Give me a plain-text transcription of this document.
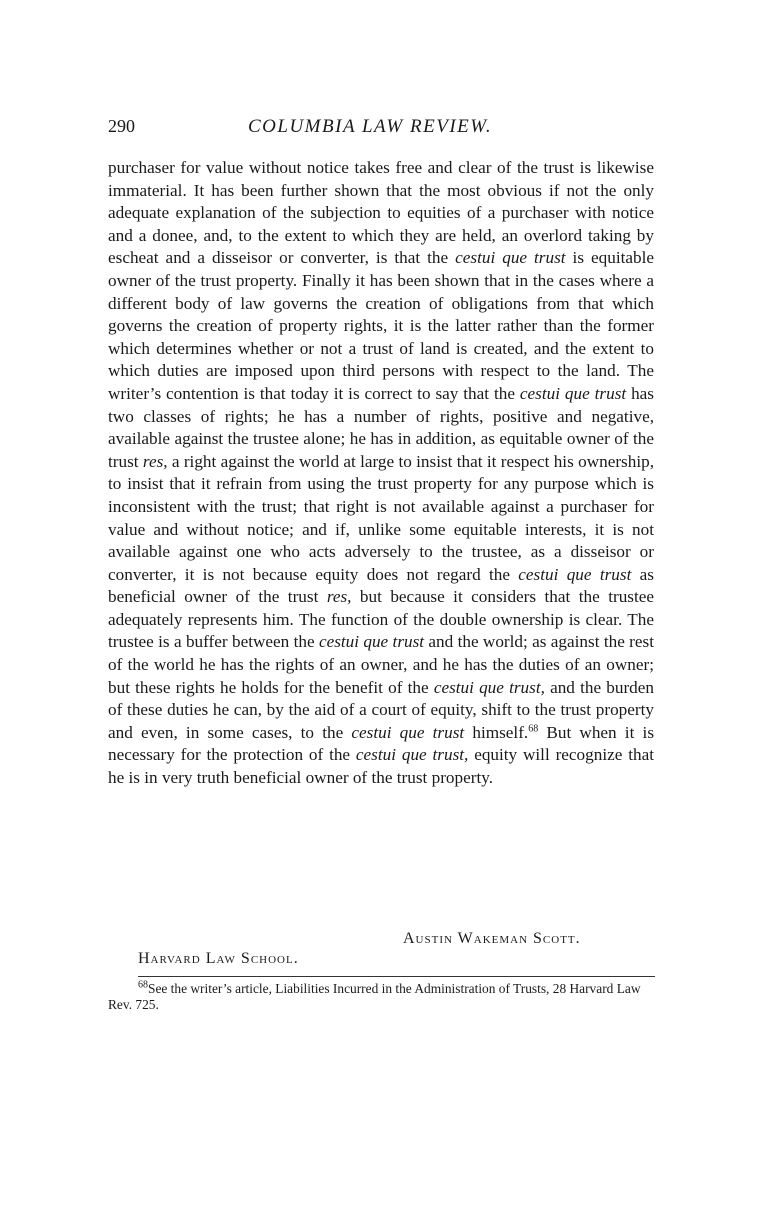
290	COLUMBIA LAW REVIEW.

purchaser for value without notice takes free and clear of the trust is likewise immaterial. It has been further shown that the most obvious if not the only adequate explanation of the subjection to equities of a purchaser with notice and a donee, and, to the extent to which they are held, an overlord taking by escheat and a disseisor or converter, is that the cestui que trust is equitable owner of the trust property. Finally it has been shown that in the cases where a different body of law governs the creation of obligations from that which governs the creation of property rights, it is the latter rather than the former which determines whether or not a trust of land is created, and the extent to which duties are imposed upon third persons with respect to the land. The writer’s contention is that today it is correct to say that the cestui que trust has two classes of rights; he has a number of rights, positive and negative, available against the trustee alone; he has in addition, as equitable owner of the trust res, a right against the world at large to insist that it respect his ownership, to insist that it refrain from using the trust property for any purpose which is inconsistent with the trust; that right is not available against a purchaser for value and without notice; and if, unlike some equitable interests, it is not available against one who acts adversely to the trustee, as a disseisor or converter, it is not because equity does not regard the cestui que trust as beneficial owner of the trust res, but because it considers that the trustee adequately represents him. The function of the double ownership is clear. The trustee is a buffer between the cestui que trust and the world; as against the rest of the world he has the rights of an owner, and he has the duties of an owner; but these rights he holds for the benefit of the cestui que trust, and the burden of these duties he can, by the aid of a court of equity, shift to the trust property and even, in some cases, to the cestui que trust himself.$^{68}$ But when it is necessary for the protection of the cestui que trust, equity will recognize that he is in very truth beneficial owner of the trust property.

Austin Wakeman Scott.
Harvard Law School.
$^{68}$See the writer’s article, Liabilities Incurred in the Administration of Trusts, 28 Harvard Law Rev. 725.
